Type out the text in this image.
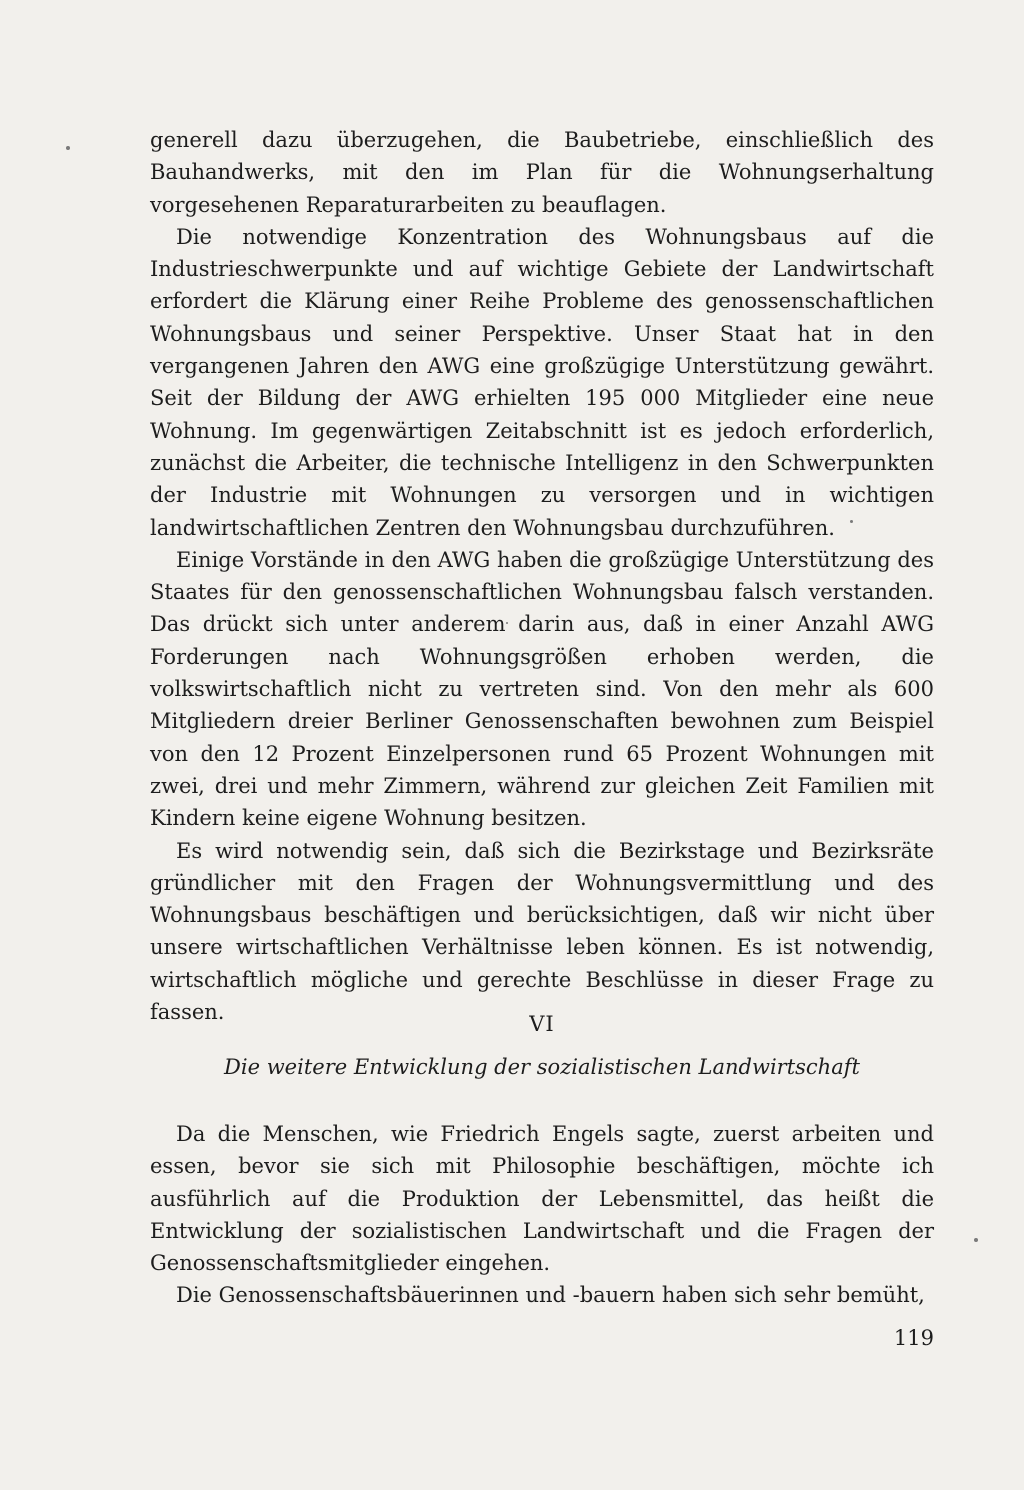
generell dazu überzugehen, die Baubetriebe, einschließlich des Bauhandwerks, mit den im Plan für die Wohnungserhaltung vorgesehenen Reparaturarbeiten zu beauflagen.

Die notwendige Konzentration des Wohnungsbaus auf die Industrieschwerpunkte und auf wichtige Gebiete der Landwirtschaft erfordert die Klärung einer Reihe Probleme des genossenschaftlichen Wohnungsbaus und seiner Perspektive. Unser Staat hat in den vergangenen Jahren den AWG eine großzügige Unterstützung gewährt. Seit der Bildung der AWG erhielten 195 000 Mitglieder eine neue Wohnung. Im gegenwärtigen Zeitabschnitt ist es jedoch erforderlich, zunächst die Arbeiter, die technische Intelligenz in den Schwerpunkten der Industrie mit Wohnungen zu versorgen und in wichtigen landwirtschaftlichen Zentren den Wohnungsbau durchzuführen.

Einige Vorstände in den AWG haben die großzügige Unterstützung des Staates für den genossenschaftlichen Wohnungsbau falsch verstanden. Das drückt sich unter anderem darin aus, daß in einer Anzahl AWG Forderungen nach Wohnungsgrößen erhoben werden, die volkswirtschaftlich nicht zu vertreten sind. Von den mehr als 600 Mitgliedern dreier Berliner Genossenschaften bewohnen zum Beispiel von den 12 Prozent Einzelpersonen rund 65 Prozent Wohnungen mit zwei, drei und mehr Zimmern, während zur gleichen Zeit Familien mit Kindern keine eigene Wohnung besitzen.

Es wird notwendig sein, daß sich die Bezirkstage und Bezirksräte gründlicher mit den Fragen der Wohnungsvermittlung und des Wohnungsbaus beschäftigen und berücksichtigen, daß wir nicht über unsere wirtschaftlichen Verhältnisse leben können. Es ist notwendig, wirtschaftlich mögliche und gerechte Beschlüsse in dieser Frage zu fassen.	VI
Die weitere Entwicklung der sozialistischen Landwirtschaft

Da die Menschen, wie Friedrich Engels sagte, zuerst arbeiten und essen, bevor sie sich mit Philosophie beschäftigen, möchte ich ausführlich auf die Produktion der Lebensmittel, das heißt die Entwicklung der sozialistischen Landwirtschaft und die Fragen der Genossenschaftsmitglieder eingehen.

Die Genossenschaftsbäuerinnen und -bauern haben sich sehr bemüht,

119
